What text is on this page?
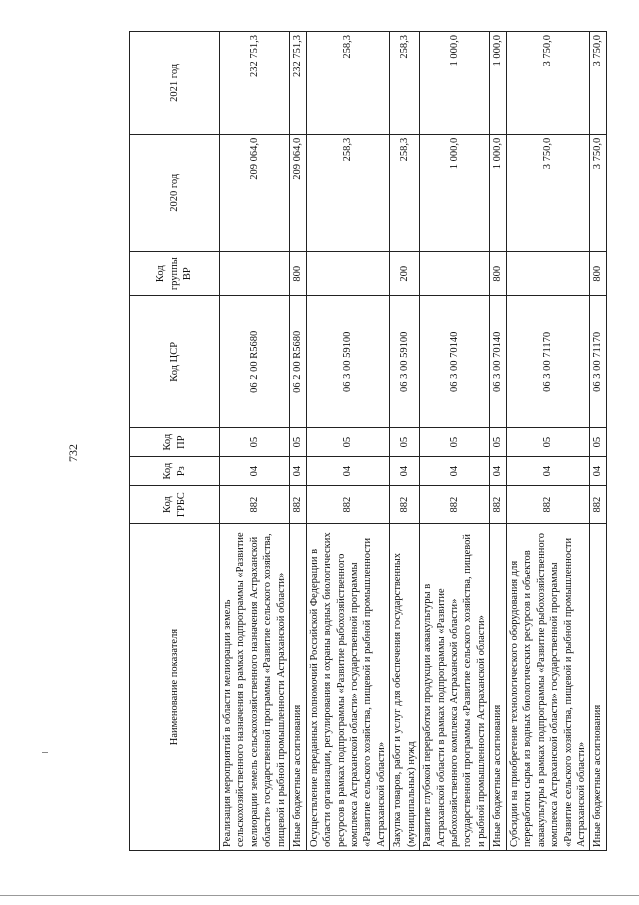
732
Наименование показателя	Код ГРБС	Код Рз	Код ПР	Код ЦСР	Код группы ВР	2020 год	2021 год
Реализация мероприятий в области мелиорации земель сельскохозяйственного назначения в рамках подпрограммы «Развитие мелиорации земель сельскохозяйственного назначения Астраханской области» государственной программы «Развитие сельского хозяйства, пищевой и рыбной промышленности Астраханской области»	882	04	05	06 2 00 R5680		209 064,0	232 751,3
Иные бюджетные ассигнования	882	04	05	06 2 00 R5680	800	209 064,0	232 751,3
Осуществление переданных полномочий Российской Федерации в области организации, регулирования и охраны водных биологических ресурсов в рамках подпрограммы «Развитие рыбохозяйственного комплекса Астраханской области» государственной программы «Развитие сельского хозяйства, пищевой и рыбной промышленности Астраханской области»	882	04	05	06 3 00 59100		258,3	258,3
Закупка товаров, работ и услуг для обеспечения государственных (муниципальных) нужд	882	04	05	06 3 00 59100	200	258,3	258,3
Развитие глубокой переработки продукции аквакультуры в Астраханской области в рамках подпрограммы «Развитие рыбохозяйственного комплекса Астраханской области» государственной программы «Развитие сельского хозяйства, пищевой и рыбной промышленности Астраханской области»	882	04	05	06 3 00 70140		1 000,0	1 000,0
Иные бюджетные ассигнования	882	04	05	06 3 00 70140	800	1 000,0	1 000,0
Субсидии на приобретение технологического оборудования для переработки сырья из водных биологических ресурсов и объектов аквакультуры в рамках подпрограммы «Развитие рыбохозяйственного комплекса Астраханской области» государственной программы «Развитие сельского хозяйства, пищевой и рыбной промышленности Астраханской области»	882	04	05	06 3 00 71170		3 750,0	3 750,0
Иные бюджетные ассигнования	882	04	05	06 3 00 71170	800	3 750,0	3 750,0
